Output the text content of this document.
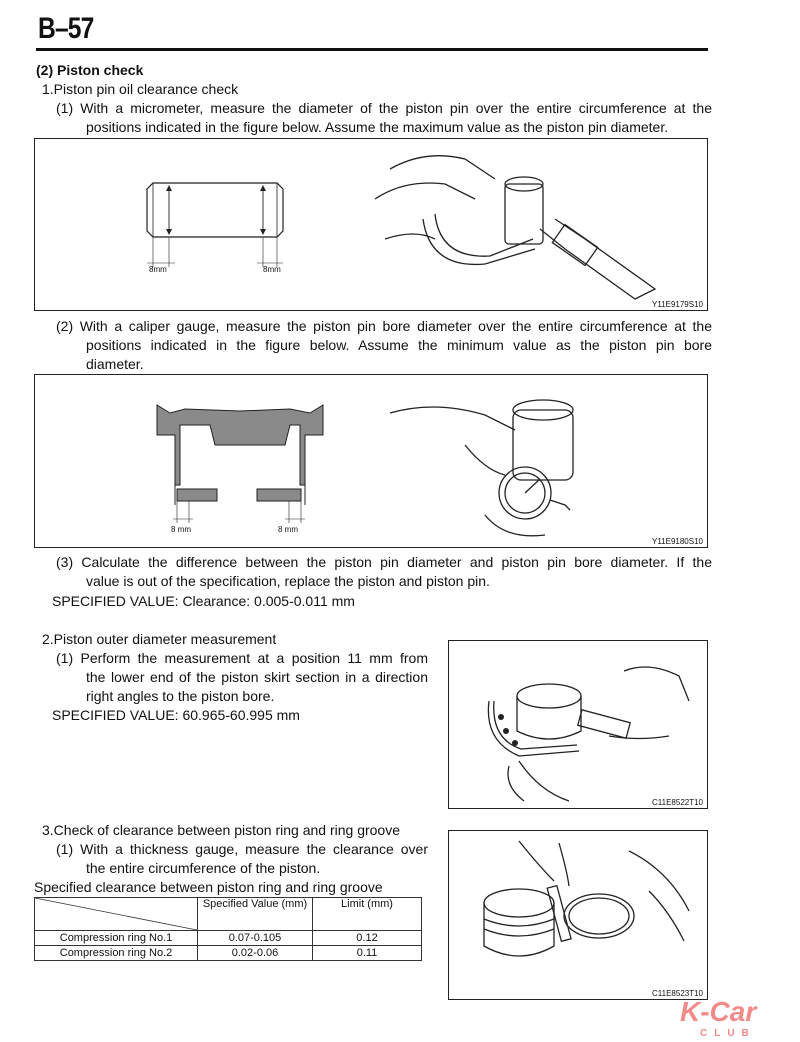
B–57
(2) Piston check
1.Piston pin oil clearance check
(1) With a micrometer, measure the diameter of the piston pin over the entire circumference at the
positions indicated in the figure below. Assume the maximum value as the piston pin diameter.
8mm	8mm
Y11E9179S10
(2) With a caliper gauge, measure the piston pin bore diameter over the entire circumference at the
positions indicated in the figure below. Assume the minimum value as the piston pin bore
diameter.
8 mm	8 mm
Y11E9180S10
(3) Calculate the difference between the piston pin diameter and piston pin bore diameter. If the
value is out of the specification, replace the piston and piston pin.
SPECIFIED VALUE: Clearance: 0.005-0.011 mm
2.Piston outer diameter measurement
(1) Perform the measurement at a position 11 mm from
the lower end of the piston skirt section in a direction
right angles to the piston bore.
SPECIFIED VALUE: 60.965-60.995 mm
C11E8522T10
3.Check of clearance between piston ring and ring groove
(1) With a thickness gauge, measure the clearance over
the entire circumference of the piston.
Specified clearance between piston ring and ring groove
	Specified Value (mm)	Limit (mm)
Compression ring No.1	0.07-0.105	0.12
Compression ring No.2	0.02-0.06	0.11
C11E8523T10
K-Car
CLUB
